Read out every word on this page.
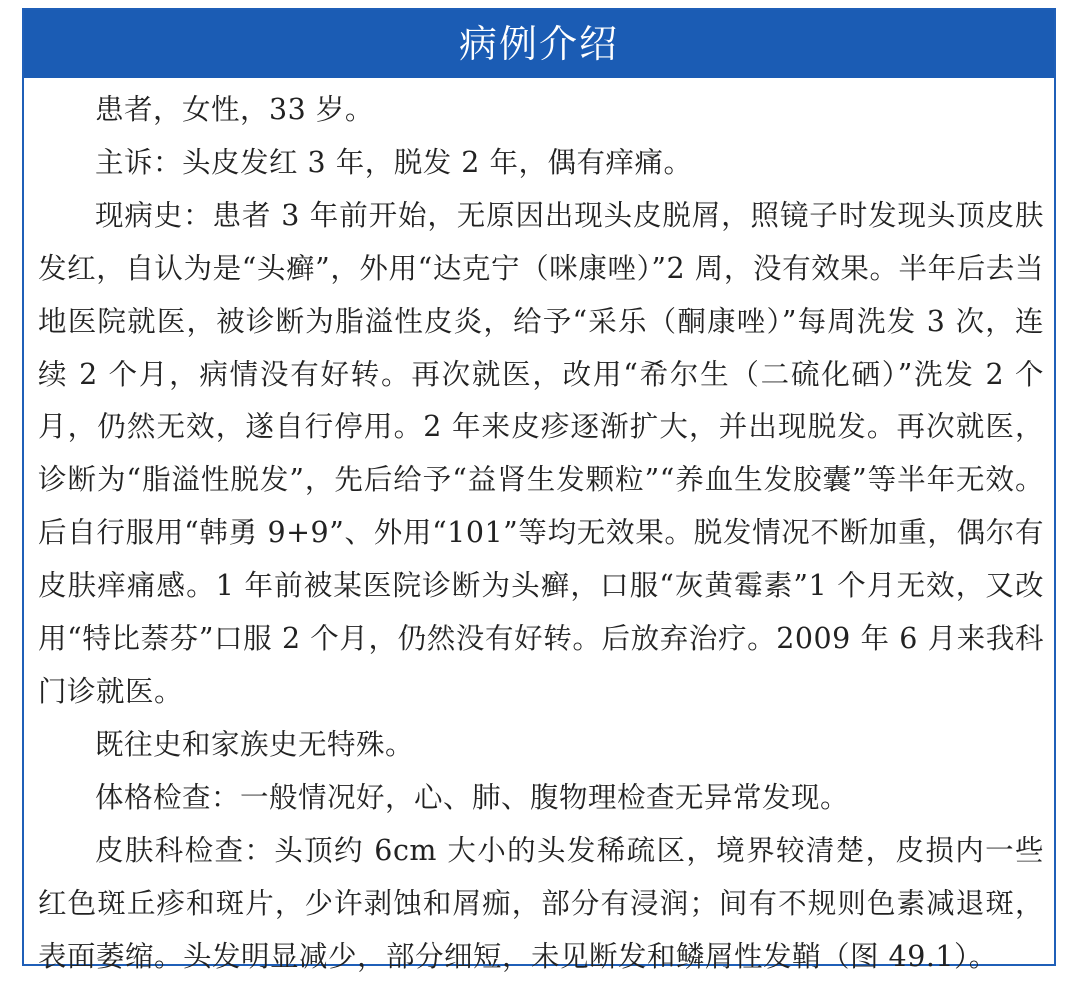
病例介绍

患者，女性，33 岁。

主诉：头皮发红 3 年，脱发 2 年，偶有痒痛。

现病史：患者 3 年前开始，无原因出现头皮脱屑，照镜子时发现头顶皮肤发红，自认为是“头癣”，外用“达克宁（咪康唑）”2 周，没有效果。半年后去当地医院就医，被诊断为脂溢性皮炎，给予“采乐（酮康唑）”每周洗发 3 次，连续 2 个月，病情没有好转。再次就医，改用“希尔生（二硫化硒）”洗发 2 个月，仍然无效，遂自行停用。2 年来皮疹逐渐扩大，并出现脱发。再次就医，诊断为“脂溢性脱发”，先后给予“益肾生发颗粒”“养血生发胶囊”等半年无效。后自行服用“韩勇 9+9”、外用“101”等均无效果。脱发情况不断加重，偶尔有皮肤痒痛感。1 年前被某医院诊断为头癣，口服“灰黄霉素”1 个月无效，又改用“特比萘芬”口服 2 个月，仍然没有好转。后放弃治疗。2009 年 6 月来我科门诊就医。

既往史和家族史无特殊。

体格检查：一般情况好，心、肺、腹物理检查无异常发现。

皮肤科检查：头顶约 6cm 大小的头发稀疏区，境界较清楚，皮损内一些红色斑丘疹和斑片，少许剥蚀和屑痂，部分有浸润；间有不规则色素减退斑，表面萎缩。头发明显减少，部分细短，未见断发和鳞屑性发鞘（图 49.1）。
